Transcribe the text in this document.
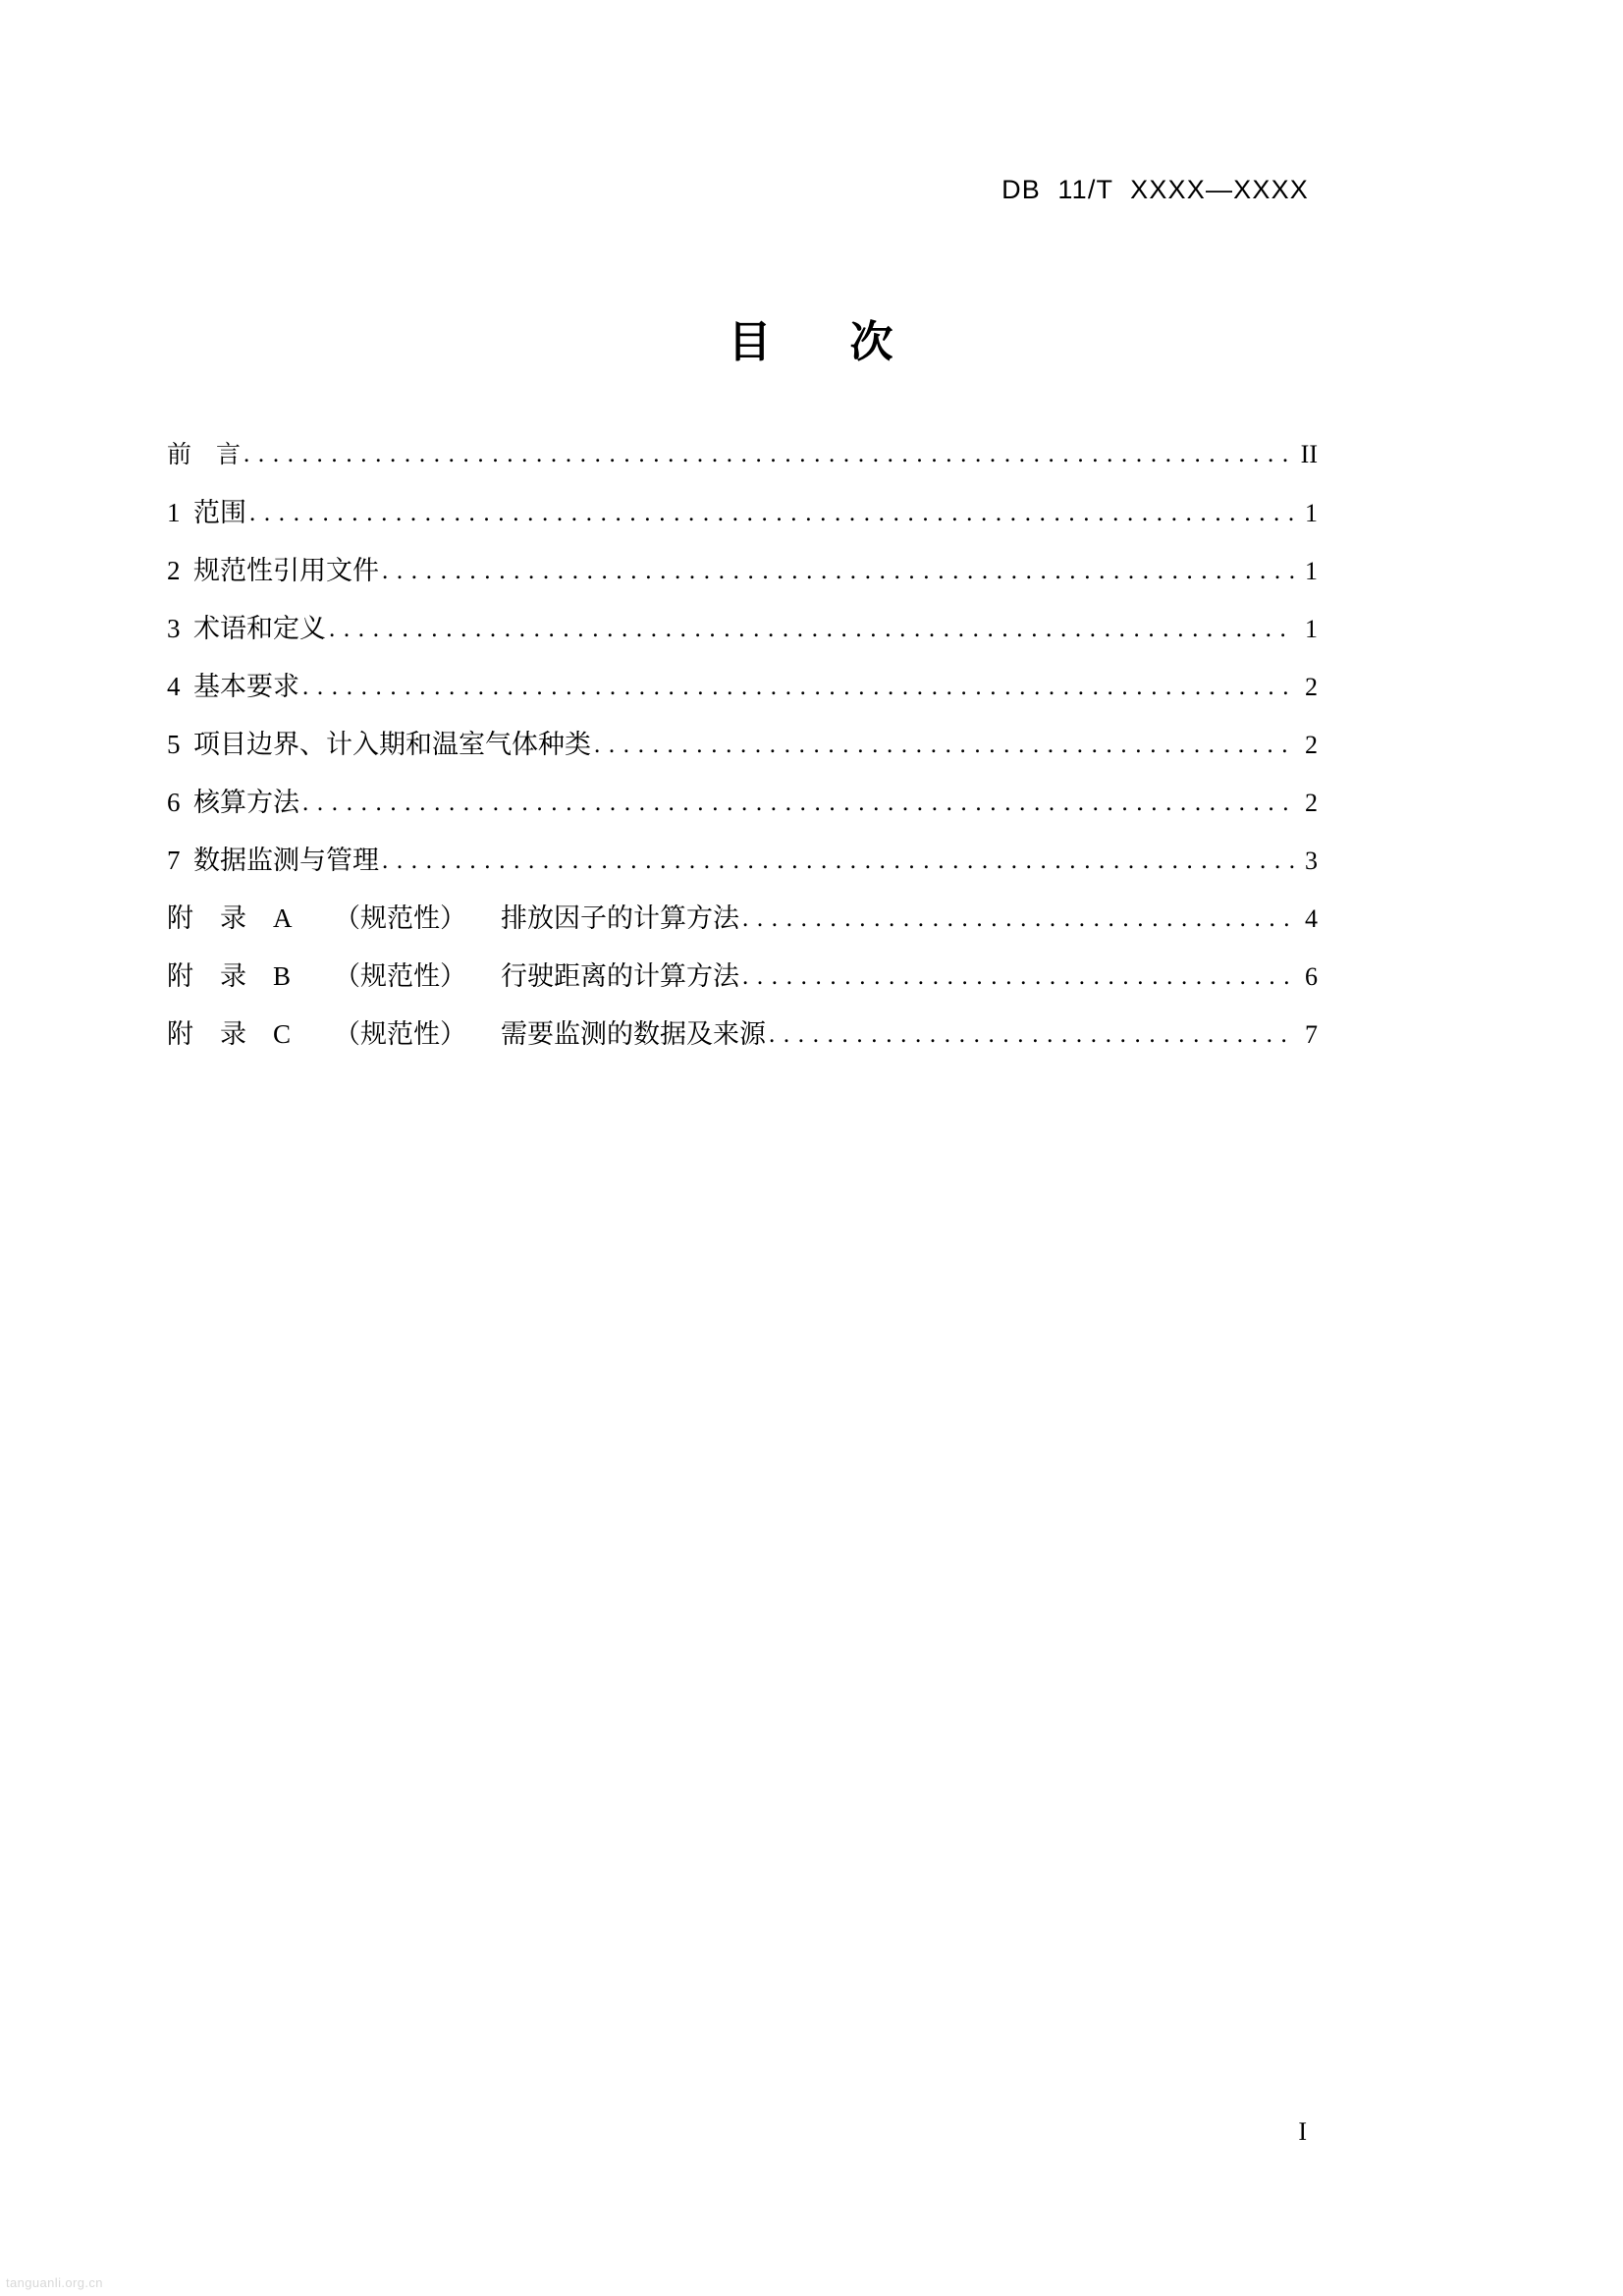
DB  11/T  XXXX—XXXX
目      次
前    言 . . .	II
1  范围 . . .	1
2  规范性引用文件 . . .	1
3  术语和定义 . . .	1
4  基本要求 . . .	2
5  项目边界、计入期和温室气体种类 . . .	2
6  核算方法 . . .	2
7  数据监测与管理 . . .	3
附    录    A	（规范性）	排放因子的计算方法 . . .	4
附    录    B	（规范性）	行驶距离的计算方法 . . .	6
附    录    C	（规范性）	需要监测的数据及来源 . . .	7
I
tanguanli.org.cn
